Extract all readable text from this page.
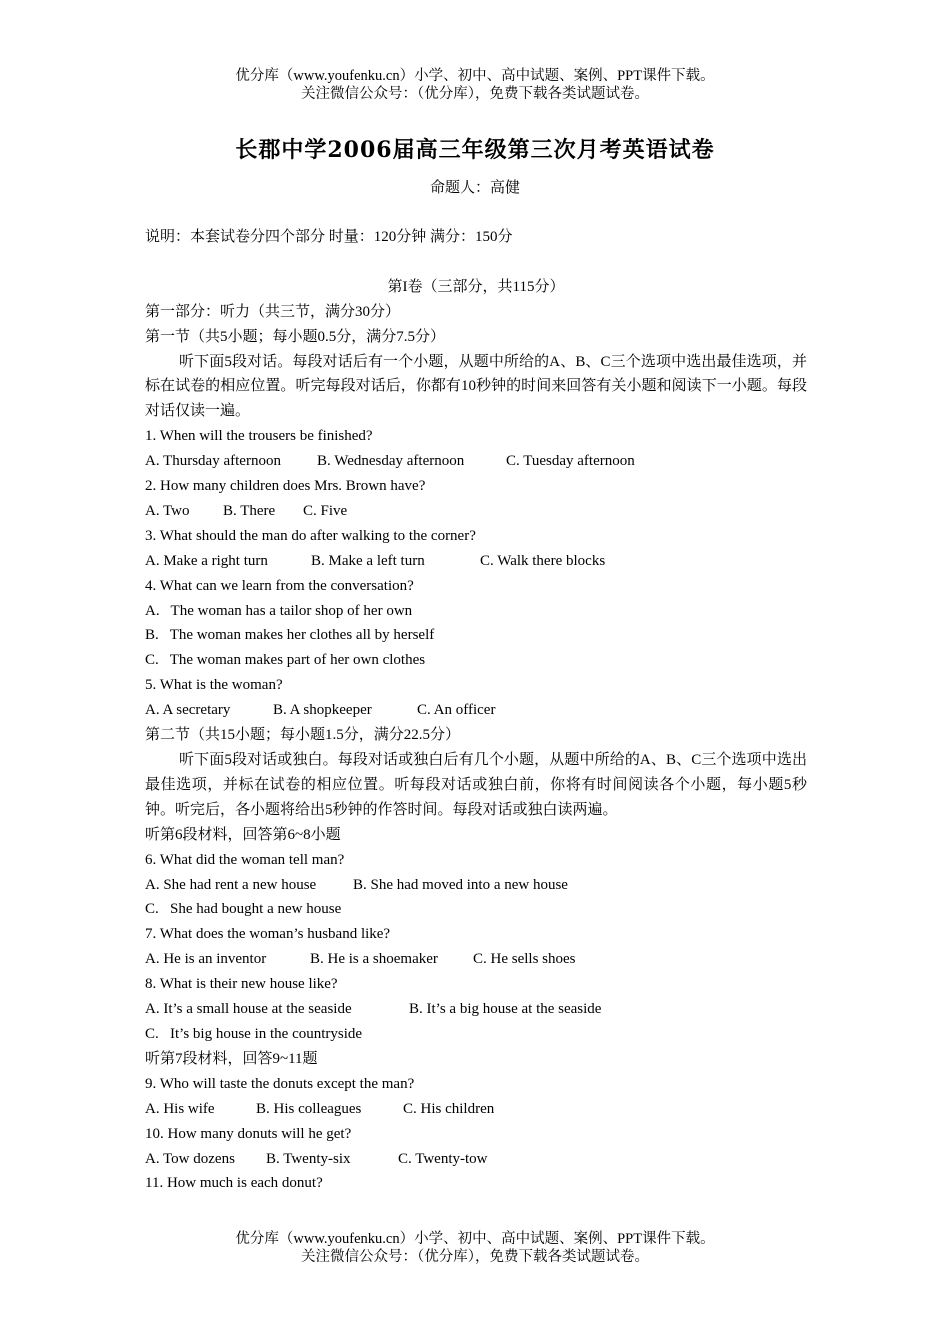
优分库（www.youfenku.cn）小学、初中、高中试题、案例、PPT课件下载。
关注微信公众号：（优分库），免费下载各类试题试卷。
长郡中学2006届高三年级第三次月考英语试卷
命题人：高健

说明：本套试卷分四个部分 时量：120分钟 满分：150分

第I卷（三部分，共115分）

第一部分：听力（共三节，满分30分）

第一节（共5小题；每小题0.5分，满分7.5分）

听下面5段对话。每段对话后有一个小题，从题中所给的A、B、C三个选项中选出最佳选项，并标在试卷的相应位置。听完每段对话后，你都有10秒钟的时间来回答有关小题和阅读下一小题。每段对话仅读一遍。

1. When will the trousers be finished?

A. Thursday afternoon B. Wednesday afternoon	C. Tuesday afternoon

2. How many children does Mrs. Brown have?

A. Two B. There C. Five

3. What should the man do after walking to the corner?

A. Make a right turn	B. Make a left turn	C. Walk there blocks

4. What can we learn from the conversation?

A.   The woman has a tailor shop of her own

B.   The woman makes her clothes all by herself

C.   The woman makes part of her own clothes

5. What is the woman?

A. A secretary	B. A shopkeeper	C. An officer

第二节（共15小题；每小题1.5分，满分22.5分）

听下面5段对话或独白。每段对话或独白后有几个小题，从题中所给的A、B、C三个选项中选出最佳选项，并标在试卷的相应位置。听每段对话或独白前，你将有时间阅读各个小题，每小题5秒钟。听完后，各小题将给出5秒钟的作答时间。每段对话或独白读两遍。

听第6段材料，回答第6~8小题

6. What did the woman tell man?

A. She had rent a new house B. She had moved into a new house

C.   She had bought a new house

7. What does the woman’s husband like?

A. He is an inventor	B. He is a shoemaker C. He sells shoes

8. What is their new house like?

A. It’s a small house at the seaside	B. It’s a big house at the seaside

C.   It’s big house in the countryside

听第7段材料，回答9~11题

9. Who will taste the donuts except the man?

A. His wife	B. His colleagues	C. His children

10. How many donuts will he get?

A. Tow dozens B. Twenty-six	C. Twenty-tow

11. How much is each donut?

优分库（www.youfenku.cn）小学、初中、高中试题、案例、PPT课件下载。
关注微信公众号：（优分库），免费下载各类试题试卷。
